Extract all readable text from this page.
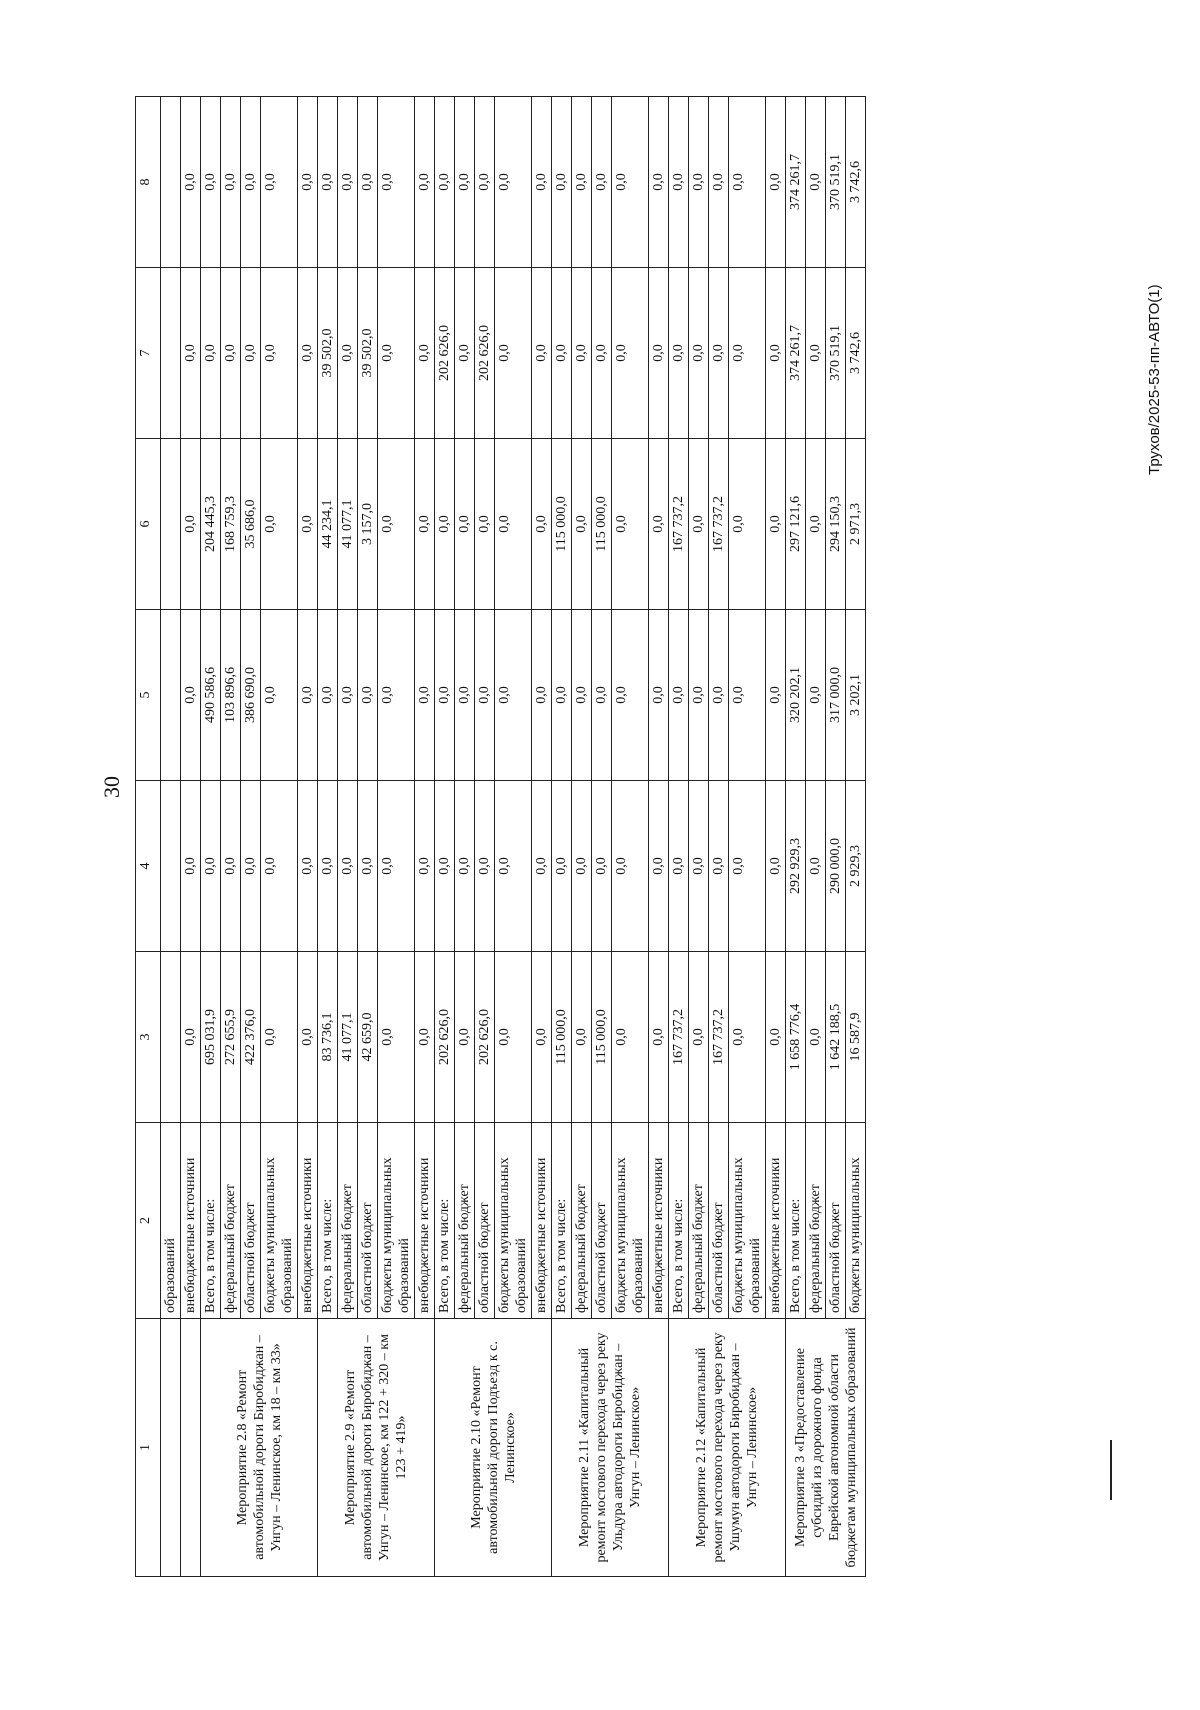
30
Трухов/2025-53-пп-АВТО(1)
1	2	3	4	5	6	7	8
	образований						
	внебюджетные источники	0,0	0,0	0,0	0,0	0,0	0,0
Мероприятие 2.8 «Ремонт автомобильной дороги Биробиджан – Унгун – Ленинское, км 18 – км 33»	Всего, в том числе:	695 031,9	0,0	490 586,6	204 445,3	0,0	0,0
	федеральный бюджет	272 655,9	0,0	103 896,6	168 759,3	0,0	0,0
	областной бюджет	422 376,0	0,0	386 690,0	35 686,0	0,0	0,0
	бюджеты муниципальных образований	0,0	0,0	0,0	0,0	0,0	0,0
	внебюджетные источники	0,0	0,0	0,0	0,0	0,0	0,0
Мероприятие 2.9 «Ремонт автомобильной дороги Биробиджан – Унгун – Ленинское, км 122 + 320 – км 123 + 419»	Всего, в том числе:	83 736,1	0,0	0,0	44 234,1	39 502,0	0,0
	федеральный бюджет	41 077,1	0,0	0,0	41 077,1	0,0	0,0
	областной бюджет	42 659,0	0,0	0,0	3 157,0	39 502,0	0,0
	бюджеты муниципальных образований	0,0	0,0	0,0	0,0	0,0	0,0
	внебюджетные источники	0,0	0,0	0,0	0,0	0,0	0,0
Мероприятие 2.10 «Ремонт автомобильной дороги Подъезд к с. Ленинское»	Всего, в том числе:	202 626,0	0,0	0,0	0,0	202 626,0	0,0
	федеральный бюджет	0,0	0,0	0,0	0,0	0,0	0,0
	областной бюджет	202 626,0	0,0	0,0	0,0	202 626,0	0,0
	бюджеты муниципальных образований	0,0	0,0	0,0	0,0	0,0	0,0
	внебюджетные источники	0,0	0,0	0,0	0,0	0,0	0,0
Мероприятие 2.11 «Капитальный ремонт мостового перехода через реку Ульдура автодороги Биробиджан – Унгун – Ленинское»	Всего, в том числе:	115 000,0	0,0	0,0	115 000,0	0,0	0,0
	федеральный бюджет	0,0	0,0	0,0	0,0	0,0	0,0
	областной бюджет	115 000,0	0,0	0,0	115 000,0	0,0	0,0
	бюджеты муниципальных образований	0,0	0,0	0,0	0,0	0,0	0,0
	внебюджетные источники	0,0	0,0	0,0	0,0	0,0	0,0
Мероприятие 2.12 «Капитальный ремонт мостового перехода через реку Ушумун автодороги Биробиджан – Унгун – Ленинское»	Всего, в том числе:	167 737,2	0,0	0,0	167 737,2	0,0	0,0
	федеральный бюджет	0,0	0,0	0,0	0,0	0,0	0,0
	областной бюджет	167 737,2	0,0	0,0	167 737,2	0,0	0,0
	бюджеты муниципальных образований	0,0	0,0	0,0	0,0	0,0	0,0
	внебюджетные источники	0,0	0,0	0,0	0,0	0,0	0,0
Мероприятие 3 «Предоставление субсидий из дорожного фонда Еврейской автономной области бюджетам муниципальных образований	Всего, в том числе:	1 658 776,4	292 929,3	320 202,1	297 121,6	374 261,7	374 261,7
	федеральный бюджет	0,0	0,0	0,0	0,0	0,0	0,0
	областной бюджет	1 642 188,5	290 000,0	317 000,0	294 150,3	370 519,1	370 519,1
	бюджеты муниципальных	16 587,9	2 929,3	3 202,1	2 971,3	3 742,6	3 742,6
